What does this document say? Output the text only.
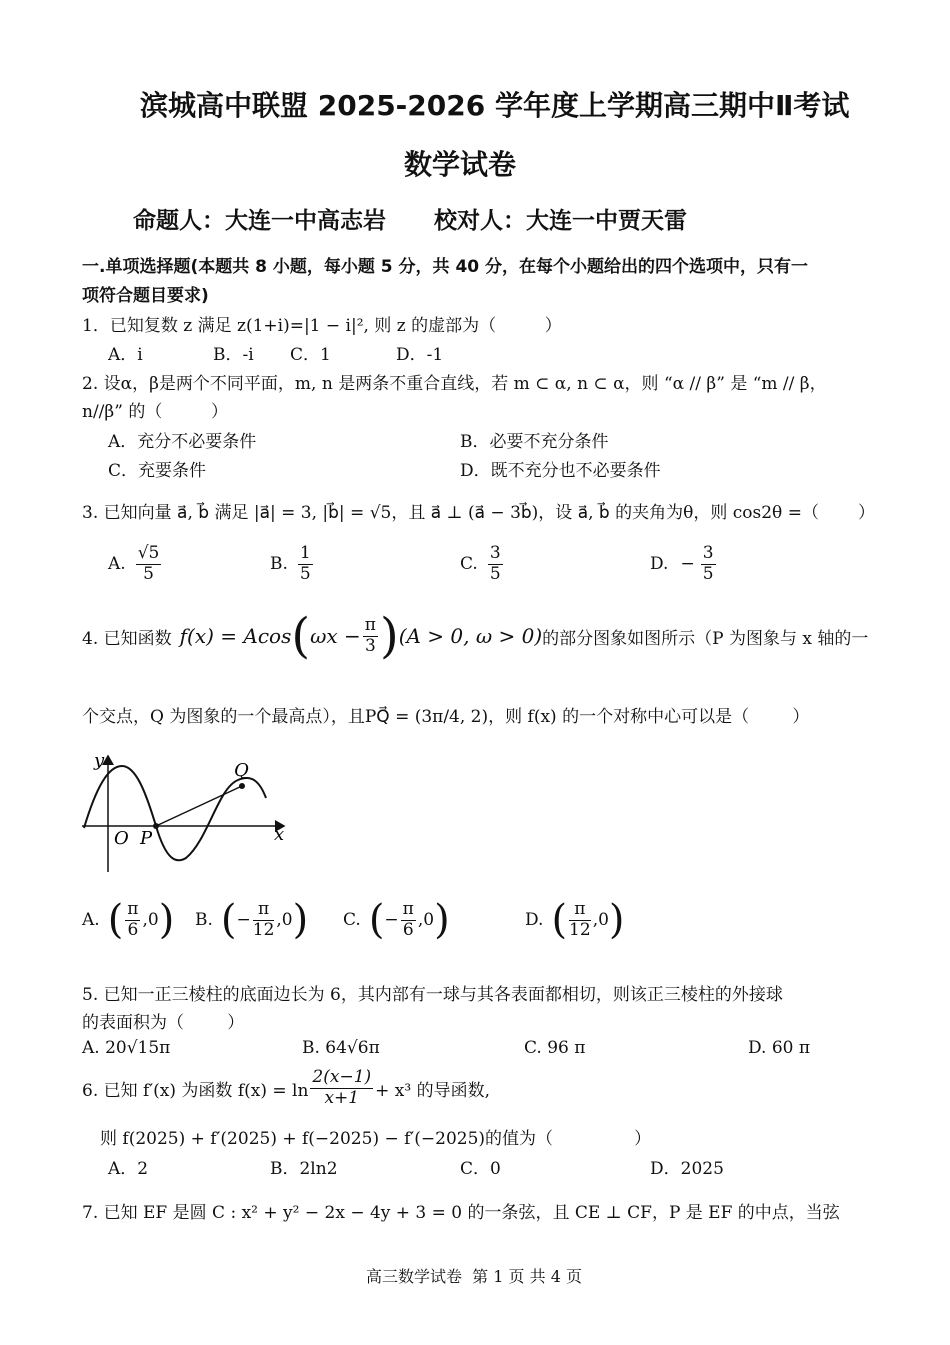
滨城高中联盟 2025-2026 学年度上学期高三期中Ⅱ考试
数学试卷
命题人：大连一中高志岩      校对人：大连一中贾天雷
一.单项选择题(本题共 8 小题，每小题 5 分，共 40 分，在每个小题给出的四个选项中，只有一
项符合题目要求)
1．已知复数 z 满足 z(1+i)=|1 − i|², 则 z 的虚部为（         ）
A．i	B．-i C．1	D．-1
2. 设α，β是两个不同平面，m, n 是两条不重合直线，若 m ⊂ α, n ⊂ α，则 “α // β” 是 “m // β，
n//β” 的（         ）
A．充分不必要条件	B．必要不充分条件
C．充要条件	D．既不充分也不必要条件
3. 已知向量 a⃗, b⃗ 满足 |a⃗| = 3, |b⃗| = √5，且 a⃗ ⊥ (a⃗ − 3b⃗)，设 a⃗, b⃗ 的夹角为θ，则 cos2θ =（ ）
A. $\frac{√5}{5}$	B. $\frac{1}{5}$	C. $\frac{3}{5}$	D. − $\frac{3}{5}$
4. 已知函数 f(x) = Acos ( $\omega x - \frac{\pi}{3}$ ) (A > 0, ω > 0) 的部分图象如图所示（P 为图象与 x 轴的一
个交点，Q 为图象的一个最高点），且PQ⃗ = (3π/4, 2)，则 f(x) 的一个对称中心可以是（        ）
y
x
O P
Q
A. ( $\frac{\pi}{6} ,0$ ) B. ( − $\frac{\pi}{12} ,0$ ) C. ( − $\frac{\pi}{6} ,0$ )	D. ( $\frac{\pi}{12} ,0$ )
5. 已知一正三棱柱的底面边长为 6，其内部有一球与其各表面都相切，则该正三棱柱的外接球
的表面积为（        ）
A. 20√15π	B. 64√6π	C. 96 π	D. 60 π
6. 已知 f′(x) 为函数 $f(x) = \ln \frac{2(x-1)}{x+1} + x^3$ 的导函数,
则 f(2025) + f′(2025) + f(−2025) − f′(−2025)的值为（               ）
A．2	B．2ln2	C．0	D．2025
7. 已知 EF 是圆 C : x² + y² − 2x − 4y + 3 = 0 的一条弦，且 CE ⊥ CF，P 是 EF 的中点，当弦
高三数学试卷  第 1 页 共 4 页
